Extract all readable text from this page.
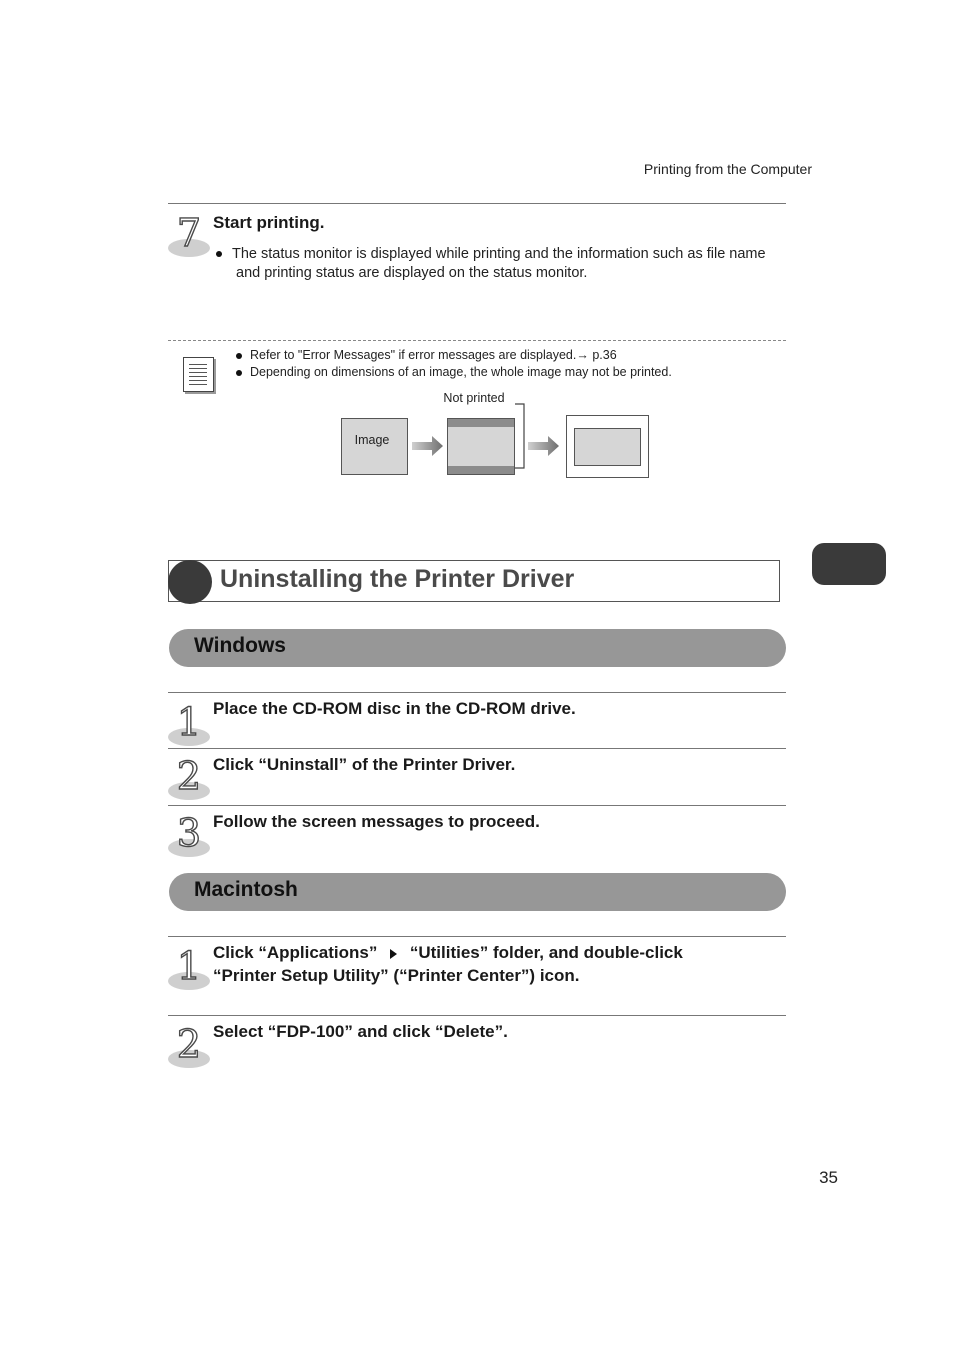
Printing from the Computer
7 Start printing.
The status monitor is displayed while printing and the information such as file name
and printing status are displayed on the status monitor.
Refer to "Error Messages" if error messages are displayed.→ p.36
Depending on dimensions of an image, the whole image may not be printed.
Image
Not printed
Uninstalling the Printer Driver
Windows
1 Place the CD-ROM disc in the CD-ROM drive.
2 Click “Uninstall” of the Printer Driver.
3 Follow the screen messages to proceed.
Macintosh
1 Click “Applications” “Utilities” folder, and double-click
“Printer Setup Utility” (“Printer Center”) icon.
2 Select “FDP-100” and click “Delete”.
35
